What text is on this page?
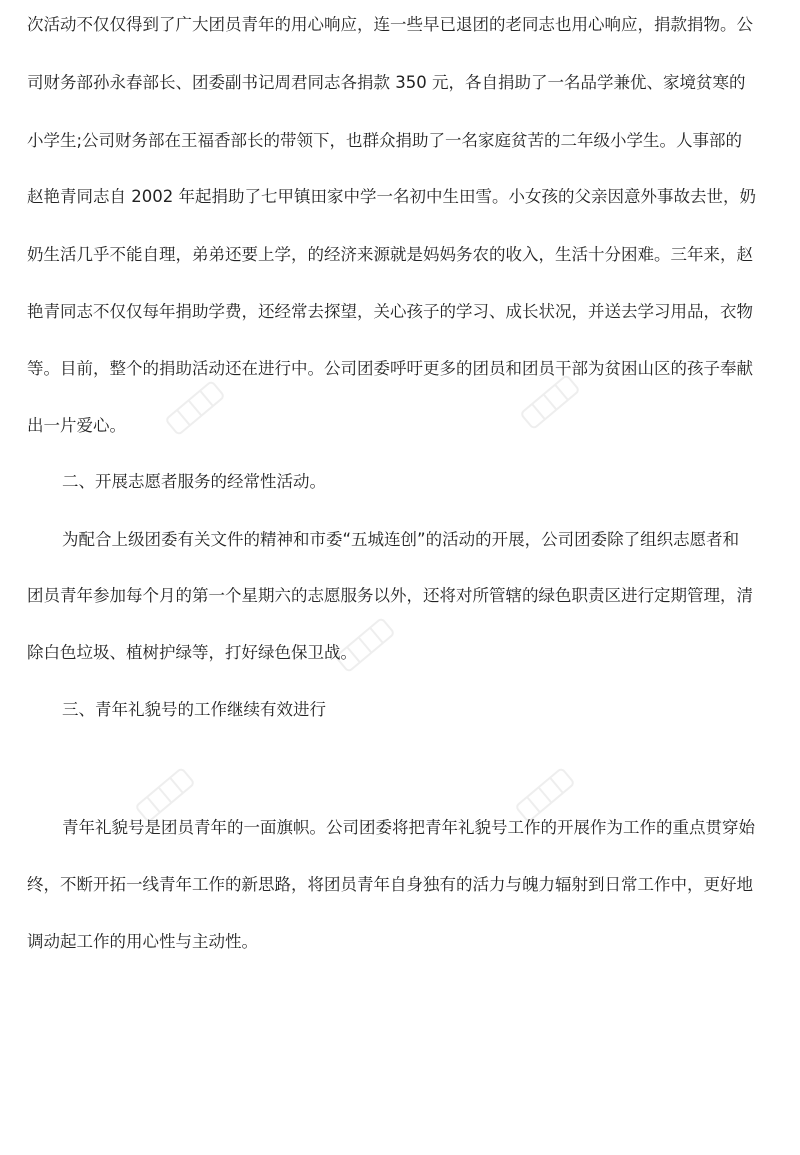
次活动不仅仅得到了广大团员青年的用心响应，连一些早已退团的老同志也用心响应，捐款捐物。公
司财务部孙永春部长、团委副书记周君同志各捐款 350 元，各自捐助了一名品学兼优、家境贫寒的
小学生;公司财务部在王福香部长的带领下，也群众捐助了一名家庭贫苦的二年级小学生。人事部的
赵艳青同志自 2002 年起捐助了七甲镇田家中学一名初中生田雪。小女孩的父亲因意外事故去世，奶
奶生活几乎不能自理，弟弟还要上学，的经济来源就是妈妈务农的收入，生活十分困难。三年来，赵
艳青同志不仅仅每年捐助学费，还经常去探望，关心孩子的学习、成长状况，并送去学习用品，衣物
等。目前，整个的捐助活动还在进行中。公司团委呼吁更多的团员和团员干部为贫困山区的孩子奉献
出一片爱心。
二、开展志愿者服务的经常性活动。
为配合上级团委有关文件的精神和市委“五城连创”的活动的开展，公司团委除了组织志愿者和
团员青年参加每个月的第一个星期六的志愿服务以外，还将对所管辖的绿色职责区进行定期管理，清
除白色垃圾、植树护绿等，打好绿色保卫战。
三、青年礼貌号的工作继续有效进行
青年礼貌号是团员青年的一面旗帜。公司团委将把青年礼貌号工作的开展作为工作的重点贯穿始
终，不断开拓一线青年工作的新思路，将团员青年自身独有的活力与魄力辐射到日常工作中，更好地
调动起工作的用心性与主动性。
